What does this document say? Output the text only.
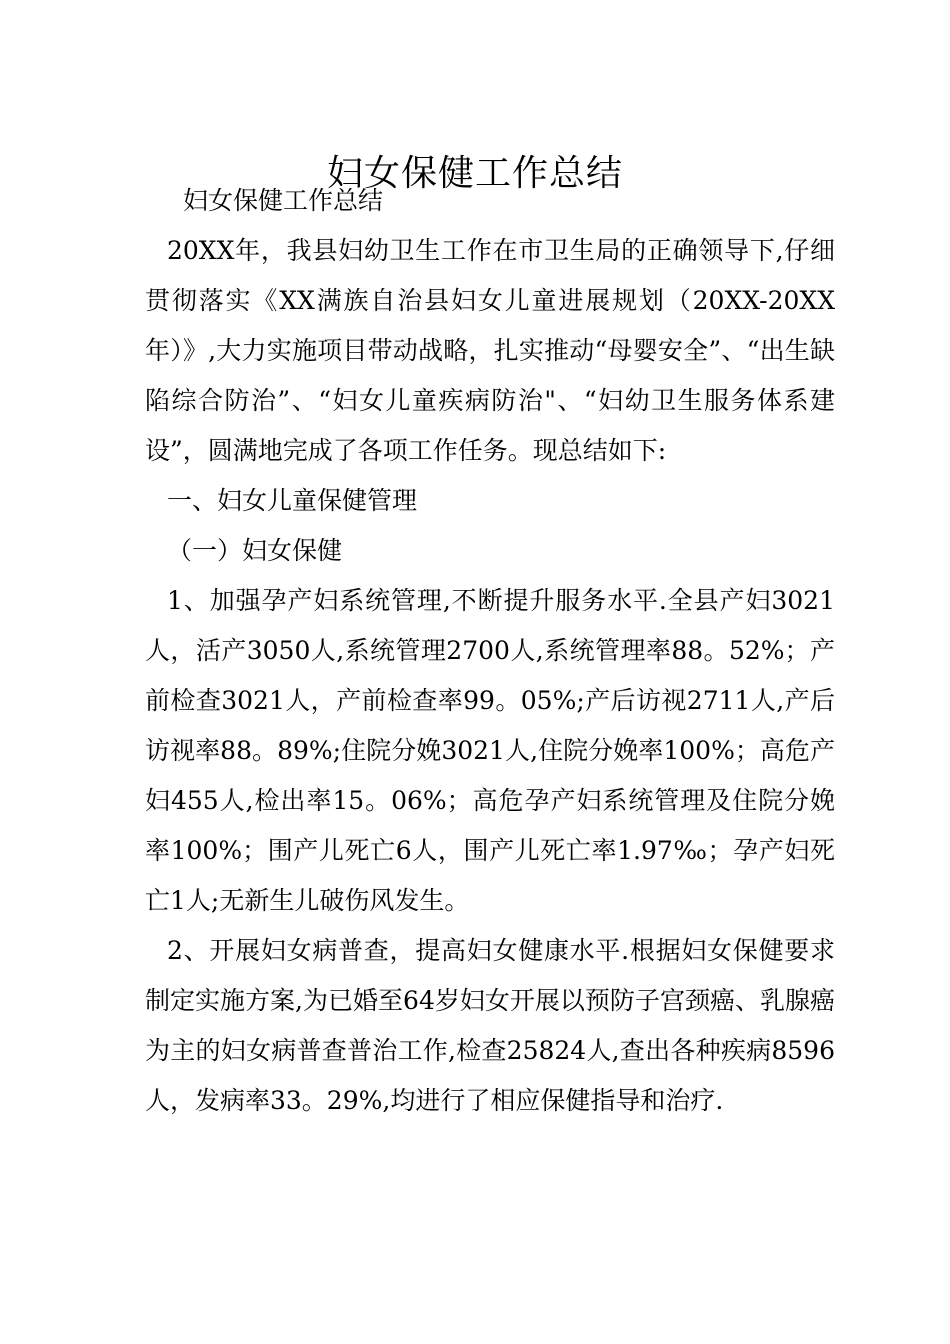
妇女保健工作总结

妇女保健工作总结

20XX年，我县妇幼卫生工作在市卫生局的正确领导下,仔细贯彻落实《XX满族自治县妇女儿童进展规划（20XX-20XX年）》,大力实施项目带动战略，扎实推动“母婴安全”、“出生缺陷综合防治”、“妇女儿童疾病防治"、“妇幼卫生服务体系建设”，圆满地完成了各项工作任务。现总结如下:

一、妇女儿童保健管理

（一）妇女保健

1、加强孕产妇系统管理,不断提升服务水平.全县产妇3021人，活产3050人,系统管理2700人,系统管理率88。52%；产前检查3021人，产前检查率99。05%;产后访视2711人,产后访视率88。89%;住院分娩3021人,住院分娩率100%；高危产妇455人,检出率15。06%；高危孕产妇系统管理及住院分娩率100%；围产儿死亡6人，围产儿死亡率1.97‰；孕产妇死亡1人;无新生儿破伤风发生。

2、开展妇女病普查，提高妇女健康水平.根据妇女保健要求制定实施方案,为已婚至64岁妇女开展以预防子宫颈癌、乳腺癌为主的妇女病普查普治工作,检查25824人,查出各种疾病8596人，发病率33。29%,均进行了相应保健指导和治疗.
